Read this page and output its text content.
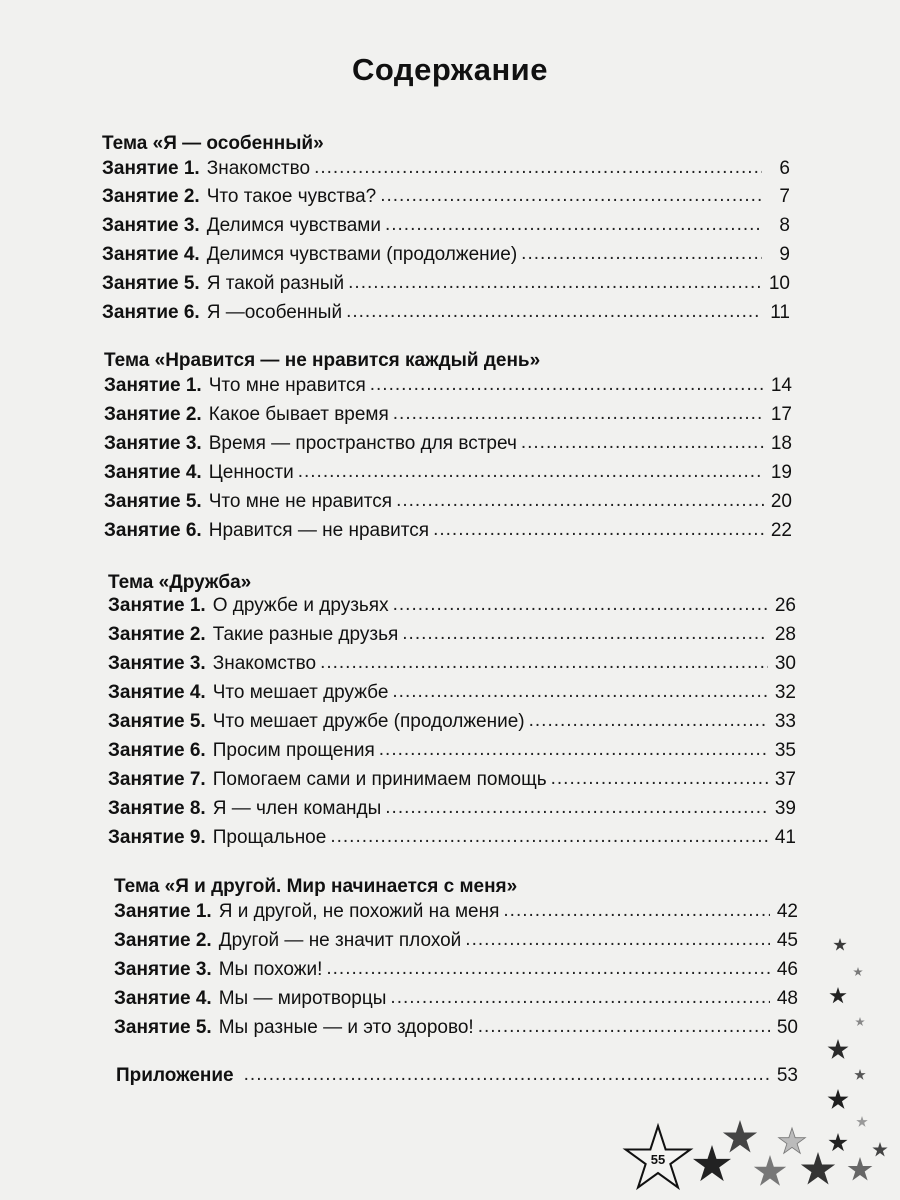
Содержание
Тема «Я — особенный»
Занятие 1. Знакомство .....	6
Занятие 2. Что такое чувства? .....	7
Занятие 3. Делимся чувствами .....	8
Занятие 4. Делимся чувствами (продолжение) .....	9
Занятие 5. Я такой разный .....	10
Занятие 6. Я —особенный .....	11
Тема «Нравится — не нравится каждый день»
Занятие 1. Что мне нравится .....	14
Занятие 2. Какое бывает время .....	17
Занятие 3. Время — пространство для встреч .....	18
Занятие 4. Ценности .....	19
Занятие 5. Что мне не нравится .....	20
Занятие 6. Нравится — не нравится .....	22
Тема «Дружба»
Занятие 1. О дружбе и друзьях .....	26
Занятие 2. Такие разные друзья .....	28
Занятие 3. Знакомство .....	30
Занятие 4. Что мешает дружбе .....	32
Занятие 5. Что мешает дружбе (продолжение) .....	33
Занятие 6. Просим прощения .....	35
Занятие 7. Помогаем сами и принимаем помощь .....	37
Занятие 8. Я — член команды .....	39
Занятие 9. Прощальное .....	41
Тема «Я и другой. Мир начинается с меня»
Занятие 1. Я и другой, не похожий на меня .....	42
Занятие 2. Другой — не значит плохой .....	45
Занятие 3. Мы похожи! .....	46
Занятие 4. Мы — миротворцы .....	48
Занятие 5. Мы разные — и это здорово! .....	50
Приложение .....	53
55
